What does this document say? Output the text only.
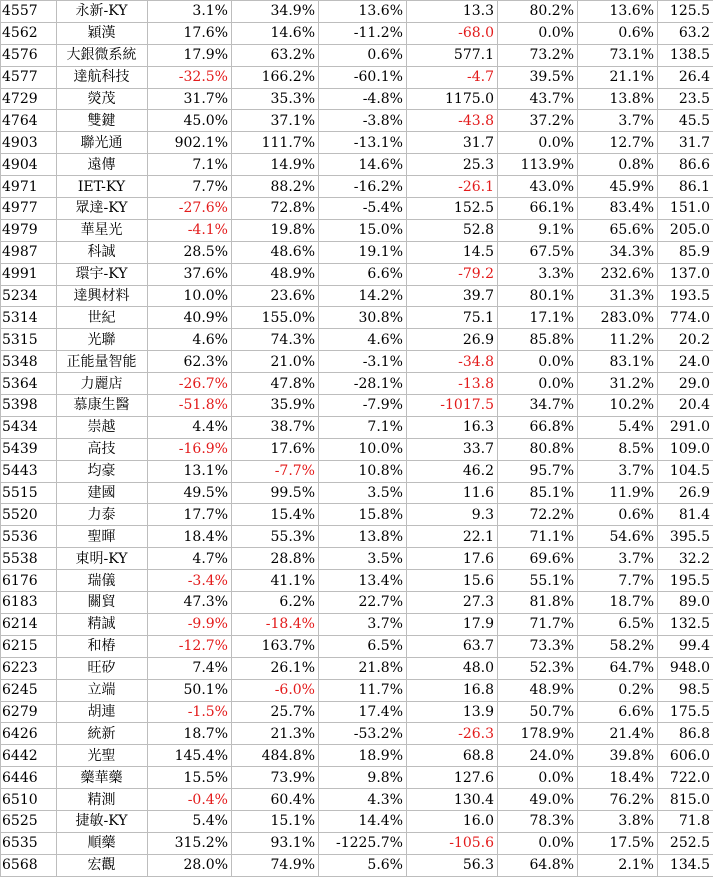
4557	永新-KY	3.1%	34.9%	13.6%	13.3	80.2%	13.6%	125.5
4562	穎漢	17.6%	14.6%	-11.2%	-68.0	0.0%	0.6%	63.2
4576	大銀微系統	17.9%	63.2%	0.6%	577.1	73.2%	73.1%	138.5
4577	達航科技	-32.5%	166.2%	-60.1%	-4.7	39.5%	21.1%	26.4
4729	熒茂	31.7%	35.3%	-4.8%	1175.0	43.7%	13.8%	23.5
4764	雙鍵	45.0%	37.1%	-3.8%	-43.8	37.2%	3.7%	45.5
4903	聯光通	902.1%	111.7%	-13.1%	31.7	0.0%	12.7%	31.7
4904	遠傳	7.1%	14.9%	14.6%	25.3	113.9%	0.8%	86.6
4971	IET-KY	7.7%	88.2%	-16.2%	-26.1	43.0%	45.9%	86.1
4977	眾達-KY	-27.6%	72.8%	-5.4%	152.5	66.1%	83.4%	151.0
4979	華星光	-4.1%	19.8%	15.0%	52.8	9.1%	65.6%	205.0
4987	科誠	28.5%	48.6%	19.1%	14.5	67.5%	34.3%	85.9
4991	環宇-KY	37.6%	48.9%	6.6%	-79.2	3.3%	232.6%	137.0
5234	達興材料	10.0%	23.6%	14.2%	39.7	80.1%	31.3%	193.5
5314	世紀	40.9%	155.0%	30.8%	75.1	17.1%	283.0%	774.0
5315	光聯	4.6%	74.3%	4.6%	26.9	85.8%	11.2%	20.2
5348	正能量智能	62.3%	21.0%	-3.1%	-34.8	0.0%	83.1%	24.0
5364	力麗店	-26.7%	47.8%	-28.1%	-13.8	0.0%	31.2%	29.0
5398	慕康生醫	-51.8%	35.9%	-7.9%	-1017.5	34.7%	10.2%	20.4
5434	崇越	4.4%	38.7%	7.1%	16.3	66.8%	5.4%	291.0
5439	高技	-16.9%	17.6%	10.0%	33.7	80.8%	8.5%	109.0
5443	均豪	13.1%	-7.7%	10.8%	46.2	95.7%	3.7%	104.5
5515	建國	49.5%	99.5%	3.5%	11.6	85.1%	11.9%	26.9
5520	力泰	17.7%	15.4%	15.8%	9.3	72.2%	0.6%	81.4
5536	聖暉	18.4%	55.3%	13.8%	22.1	71.1%	54.6%	395.5
5538	東明-KY	4.7%	28.8%	3.5%	17.6	69.6%	3.7%	32.2
6176	瑞儀	-3.4%	41.1%	13.4%	15.6	55.1%	7.7%	195.5
6183	關貿	47.3%	6.2%	22.7%	27.3	81.8%	18.7%	89.0
6214	精誠	-9.9%	-18.4%	3.7%	17.9	71.7%	6.5%	132.5
6215	和椿	-12.7%	163.7%	6.5%	63.7	73.3%	58.2%	99.4
6223	旺矽	7.4%	26.1%	21.8%	48.0	52.3%	64.7%	948.0
6245	立端	50.1%	-6.0%	11.7%	16.8	48.9%	0.2%	98.5
6279	胡連	-1.5%	25.7%	17.4%	13.9	50.7%	6.6%	175.5
6426	統新	18.7%	21.3%	-53.2%	-26.3	178.9%	21.4%	86.8
6442	光聖	145.4%	484.8%	18.9%	68.8	24.0%	39.8%	606.0
6446	藥華藥	15.5%	73.9%	9.8%	127.6	0.0%	18.4%	722.0
6510	精測	-0.4%	60.4%	4.3%	130.4	49.0%	76.2%	815.0
6525	捷敏-KY	5.4%	15.1%	14.4%	16.0	78.3%	3.8%	71.8
6535	順藥	315.2%	93.1%	-1225.7%	-105.6	0.0%	17.5%	252.5
6568	宏觀	28.0%	74.9%	5.6%	56.3	64.8%	2.1%	134.5
